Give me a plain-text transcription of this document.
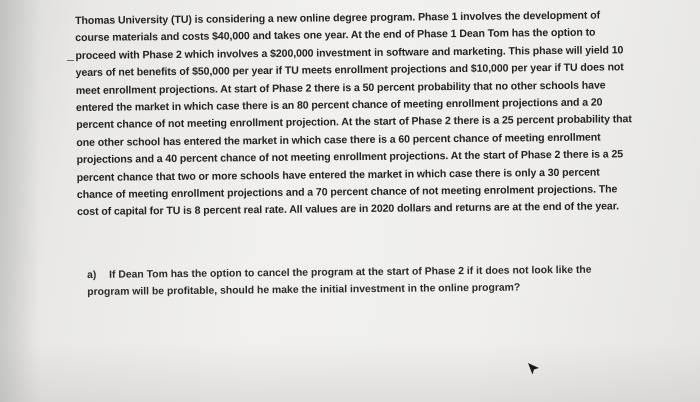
Thomas University (TU) is considering a new online degree program. Phase 1 involves the development of course materials and costs $40,000 and takes one year. At the end of Phase 1 Dean Tom has the option to proceed with Phase 2 which involves a $200,000 investment in software and marketing. This phase will yield 10 years of net benefits of $50,000 per year if TU meets enrollment projections and $10,000 per year if TU does not meet enrollment projections. At start of Phase 2 there is a 50 percent probability that no other schools have entered the market in which case there is an 80 percent chance of meeting enrollment projections and a 20 percent chance of not meeting enrollment projection. At the start of Phase 2 there is a 25 percent probability that one other school has entered the market in which case there is a 60 percent chance of meeting enrollment projections and a 40 percent chance of not meeting enrollment projections. At the start of Phase 2 there is a 25 percent chance that two or more schools have entered the market in which case there is only a 30 percent chance of meeting enrollment projections and a 70 percent chance of not meeting enrolment projections. The cost of capital for TU is 8 percent real rate. All values are in 2020 dollars and returns are at the end of the year.

a) If Dean Tom has the option to cancel the program at the start of Phase 2 if it does not look like the program will be profitable, should he make the initial investment in the online program?
